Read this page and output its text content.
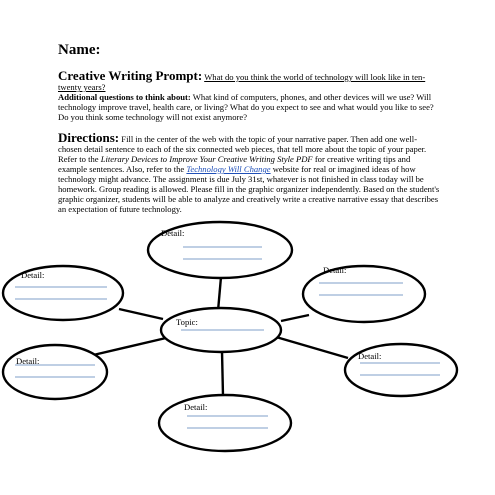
Name:
Creative Writing Prompt: What do you think the world of technology will look like in ten-twenty years?
Additional questions to think about: What kind of computers, phones, and other devices will we use? Will technology improve travel, health care, or living? What do you expect to see and what would you like to see? Do you think some technology will not exist anymore?
Directions: Fill in the center of the web with the topic of your narrative paper. Then add one well-chosen detail sentence to each of the six connected web pieces, that tell more about the topic of your paper. Refer to the Literary Devices to Improve Your Creative Writing Style PDF for creative writing tips and example sentences. Also, refer to the Technology Will Change website for real or imagined ideas of how technology might advance. The assignment is due July 31st, whatever is not finished in class today will be homework. Group reading is allowed. Please fill in the graphic organizer independently. Based on the student's graphic organizer, students will be able to analyze and creatively write a creative narrative essay that describes an expectation of future technology.
Detail:
Detail:	Detail:
Topic:
Detail:	Detail:
Detail:
